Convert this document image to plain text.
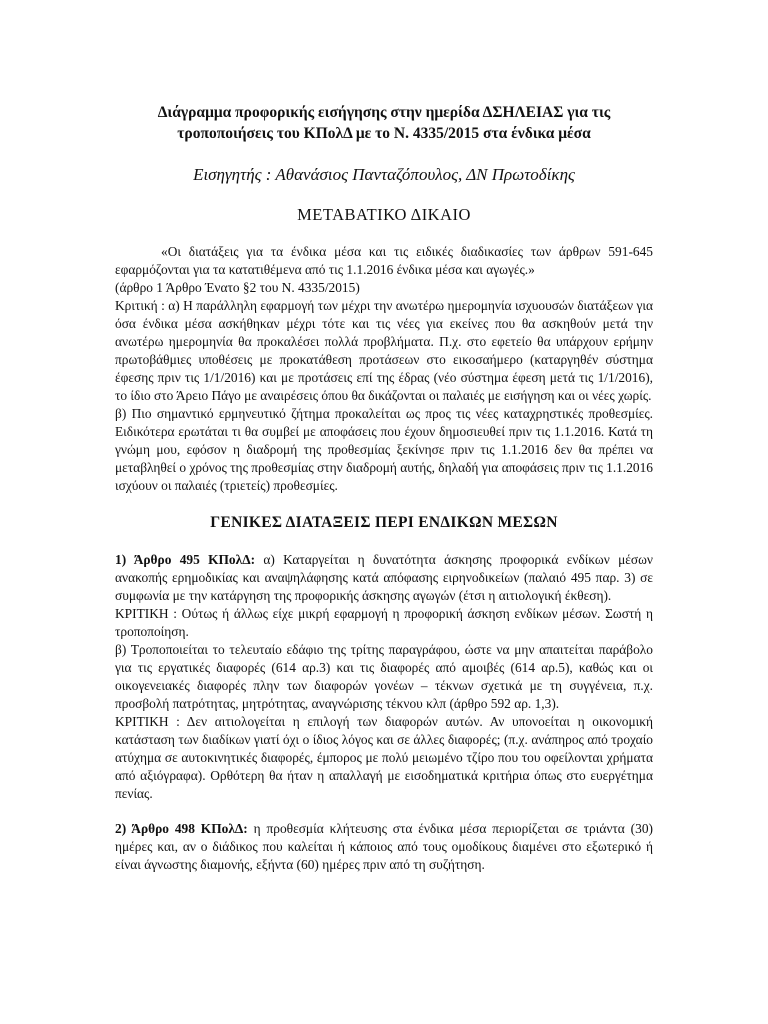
Διάγραμμα προφορικής εισήγησης στην ημερίδα ΔΣΗΛΕΙΑΣ για τις τροποποιήσεις του ΚΠολΔ με το Ν. 4335/2015 στα ένδικα μέσα

Εισηγητής : Αθανάσιος Πανταζόπουλος, ΔΝ Πρωτοδίκης

ΜΕΤΑΒΑΤΙΚΟ ΔΙΚΑΙΟ

«Οι διατάξεις για τα ένδικα μέσα και τις ειδικές διαδικασίες των άρθρων 591-645 εφαρμόζονται για τα κατατιθέμενα από τις 1.1.2016 ένδικα μέσα και αγωγές.»

(άρθρο 1 Άρθρο Ένατο §2 του Ν. 4335/2015)

Κριτική : α) Η παράλληλη εφαρμογή των μέχρι την ανωτέρω ημερομηνία ισχυουσών διατάξεων για όσα ένδικα μέσα ασκήθηκαν μέχρι τότε και τις νέες για εκείνες που θα ασκηθούν μετά την ανωτέρω ημερομηνία θα προκαλέσει πολλά προβλήματα. Π.χ. στο εφετείο θα υπάρχουν ερήμην πρωτοβάθμιες υποθέσεις με προκατάθεση προτάσεων στο εικοσαήμερο (καταργηθέν σύστημα έφεσης πριν τις 1/1/2016) και με προτάσεις επί της έδρας (νέο σύστημα έφεση μετά τις 1/1/2016), το ίδιο στο Άρειο Πάγο με αναιρέσεις όπου θα δικάζονται οι παλαιές με εισήγηση και οι νέες χωρίς.

β) Πιο σημαντικό ερμηνευτικό ζήτημα προκαλείται ως προς τις νέες καταχρηστικές προθεσμίες. Ειδικότερα ερωτάται τι θα συμβεί με αποφάσεις που έχουν δημοσιευθεί πριν τις 1.1.2016. Κατά τη γνώμη μου, εφόσον η διαδρομή της προθεσμίας ξεκίνησε πριν τις 1.1.2016 δεν θα πρέπει να μεταβληθεί ο χρόνος της προθεσμίας στην διαδρομή αυτής, δηλαδή για αποφάσεις πριν τις 1.1.2016 ισχύουν οι παλαιές (τριετείς) προθεσμίες.

ΓΕΝΙΚΕΣ ΔΙΑΤΑΞΕΙΣ ΠΕΡΙ ΕΝΔΙΚΩΝ ΜΕΣΩΝ

1) Άρθρο 495 ΚΠολΔ: α) Καταργείται η δυνατότητα άσκησης προφορικά ενδίκων μέσων ανακοπής ερημοδικίας και αναψηλάφησης κατά απόφασης ειρηνοδικείων (παλαιό 495 παρ. 3) σε συμφωνία με την κατάργηση της προφορικής άσκησης αγωγών (έτσι η αιτιολογική έκθεση).

ΚΡΙΤΙΚΗ : Ούτως ή άλλως είχε μικρή εφαρμογή η προφορική άσκηση ενδίκων μέσων. Σωστή η τροποποίηση.

β) Τροποποιείται το τελευταίο εδάφιο της τρίτης παραγράφου, ώστε να μην απαιτείται παράβολο για τις εργατικές διαφορές (614 αρ.3) και τις διαφορές από αμοιβές (614 αρ.5), καθώς και οι οικογενειακές διαφορές πλην των διαφορών γονέων – τέκνων σχετικά με τη συγγένεια, π.χ. προσβολή πατρότητας, μητρότητας, αναγνώρισης τέκνου κλπ (άρθρο 592 αρ. 1,3).

ΚΡΙΤΙΚΗ : Δεν αιτιολογείται η επιλογή των διαφορών αυτών. Αν υπονοείται η οικονομική κατάσταση των διαδίκων γιατί όχι ο ίδιος λόγος και σε άλλες διαφορές; (π.χ. ανάπηρος από τροχαίο ατύχημα σε αυτοκινητικές διαφορές, έμπορος με πολύ μειωμένο τζίρο που του οφείλονται χρήματα από αξιόγραφα). Ορθότερη θα ήταν η απαλλαγή με εισοδηματικά κριτήρια όπως στο ευεργέτημα πενίας.

2) Άρθρο 498 ΚΠολΔ: η προθεσμία κλήτευσης στα ένδικα μέσα περιορίζεται σε τριάντα (30) ημέρες και, αν ο διάδικος που καλείται ή κάποιος από τους ομοδίκους διαμένει στο εξωτερικό ή είναι άγνωστης διαμονής, εξήντα (60) ημέρες πριν από τη συζήτηση.
